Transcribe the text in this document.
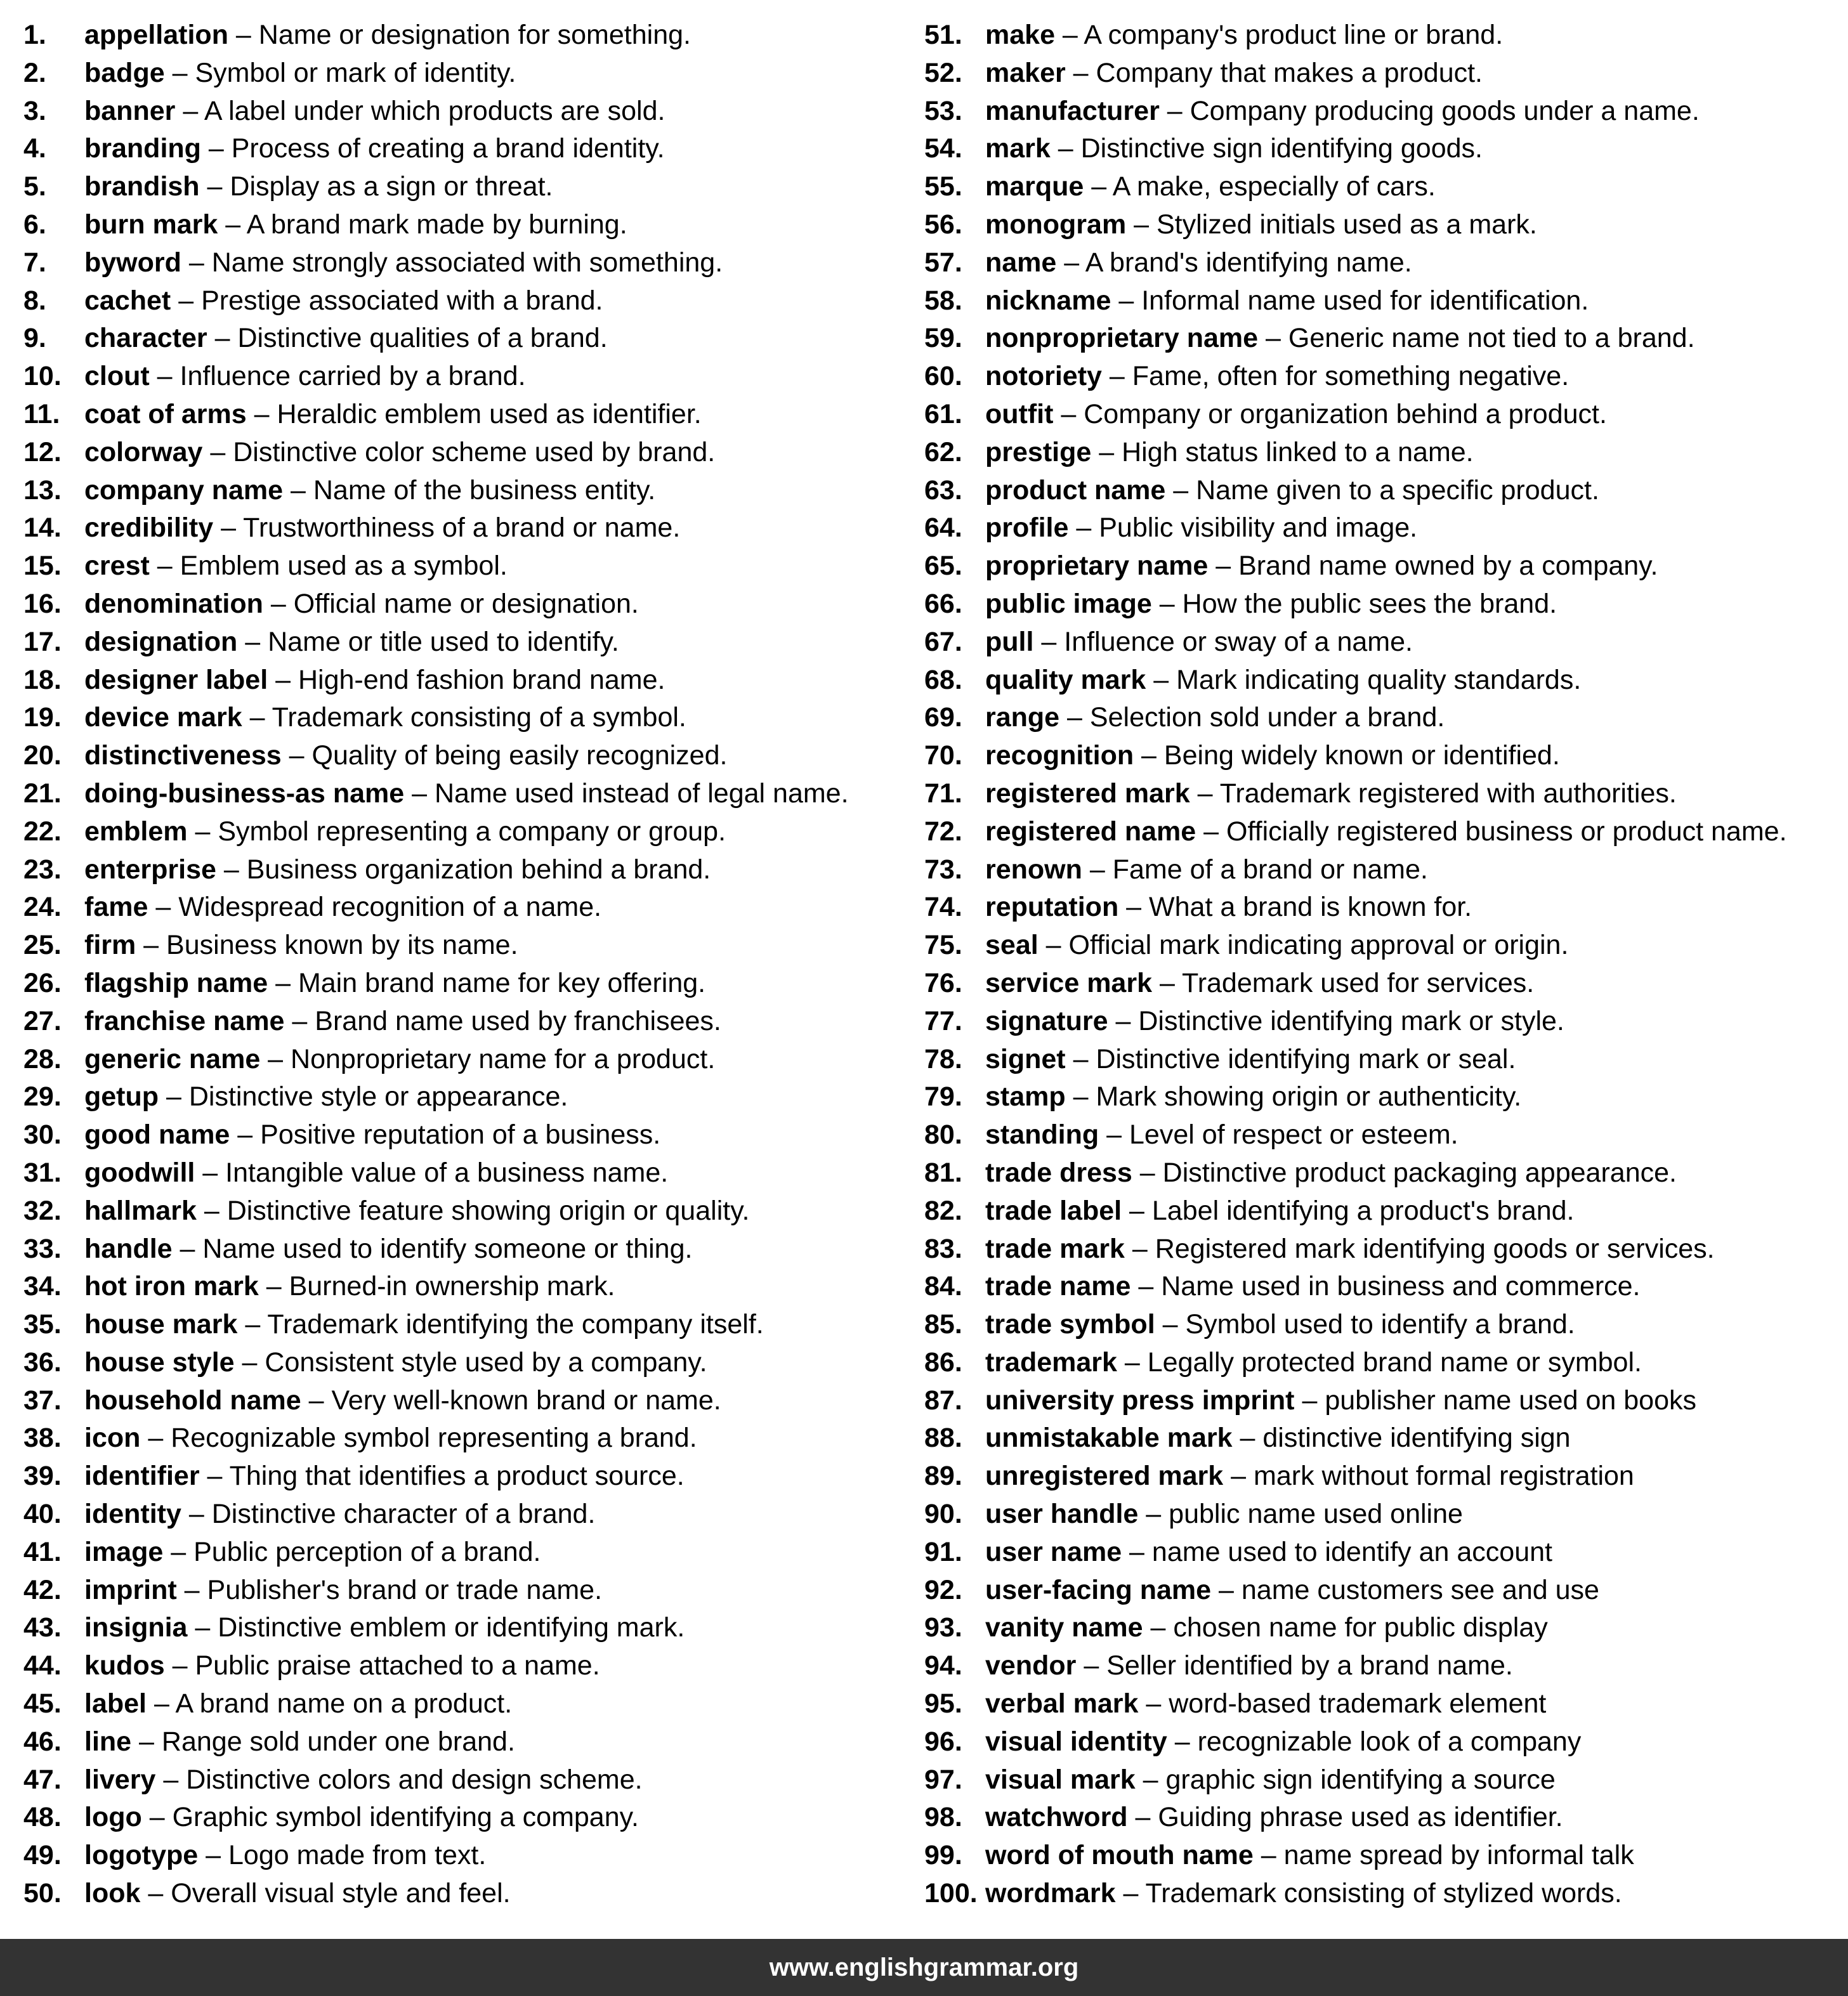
1. appellation – Name or designation for something.
2. badge – Symbol or mark of identity.
3. banner – A label under which products are sold.
4. branding – Process of creating a brand identity.
5. brandish – Display as a sign or threat.
6. burn mark – A brand mark made by burning.
7. byword – Name strongly associated with something.
8. cachet – Prestige associated with a brand.
9. character – Distinctive qualities of a brand.
10. clout – Influence carried by a brand.
11. coat of arms – Heraldic emblem used as identifier.
12. colorway – Distinctive color scheme used by brand.
13. company name – Name of the business entity.
14. credibility – Trustworthiness of a brand or name.
15. crest – Emblem used as a symbol.
16. denomination – Official name or designation.
17. designation – Name or title used to identify.
18. designer label – High-end fashion brand name.
19. device mark – Trademark consisting of a symbol.
20. distinctiveness – Quality of being easily recognized.
21. doing-business-as name – Name used instead of legal name.
22. emblem – Symbol representing a company or group.
23. enterprise – Business organization behind a brand.
24. fame – Widespread recognition of a name.
25. firm – Business known by its name.
26. flagship name – Main brand name for key offering.
27. franchise name – Brand name used by franchisees.
28. generic name – Nonproprietary name for a product.
29. getup – Distinctive style or appearance.
30. good name – Positive reputation of a business.
31. goodwill – Intangible value of a business name.
32. hallmark – Distinctive feature showing origin or quality.
33. handle – Name used to identify someone or thing.
34. hot iron mark – Burned-in ownership mark.
35. house mark – Trademark identifying the company itself.
36. house style – Consistent style used by a company.
37. household name – Very well-known brand or name.
38. icon – Recognizable symbol representing a brand.
39. identifier – Thing that identifies a product source.
40. identity – Distinctive character of a brand.
41. image – Public perception of a brand.
42. imprint – Publisher's brand or trade name.
43. insignia – Distinctive emblem or identifying mark.
44. kudos – Public praise attached to a name.
45. label – A brand name on a product.
46. line – Range sold under one brand.
47. livery – Distinctive colors and design scheme.
48. logo – Graphic symbol identifying a company.
49. logotype – Logo made from text.
50. look – Overall visual style and feel.
51. make – A company's product line or brand.
52. maker – Company that makes a product.
53. manufacturer – Company producing goods under a name.
54. mark – Distinctive sign identifying goods.
55. marque – A make, especially of cars.
56. monogram – Stylized initials used as a mark.
57. name – A brand's identifying name.
58. nickname – Informal name used for identification.
59. nonproprietary name – Generic name not tied to a brand.
60. notoriety – Fame, often for something negative.
61. outfit – Company or organization behind a product.
62. prestige – High status linked to a name.
63. product name – Name given to a specific product.
64. profile – Public visibility and image.
65. proprietary name – Brand name owned by a company.
66. public image – How the public sees the brand.
67. pull – Influence or sway of a name.
68. quality mark – Mark indicating quality standards.
69. range – Selection sold under a brand.
70. recognition – Being widely known or identified.
71. registered mark – Trademark registered with authorities.
72. registered name – Officially registered business or product name.
73. renown – Fame of a brand or name.
74. reputation – What a brand is known for.
75. seal – Official mark indicating approval or origin.
76. service mark – Trademark used for services.
77. signature – Distinctive identifying mark or style.
78. signet – Distinctive identifying mark or seal.
79. stamp – Mark showing origin or authenticity.
80. standing – Level of respect or esteem.
81. trade dress – Distinctive product packaging appearance.
82. trade label – Label identifying a product's brand.
83. trade mark – Registered mark identifying goods or services.
84. trade name – Name used in business and commerce.
85. trade symbol – Symbol used to identify a brand.
86. trademark – Legally protected brand name or symbol.
87. university press imprint – publisher name used on books
88. unmistakable mark – distinctive identifying sign
89. unregistered mark – mark without formal registration
90. user handle – public name used online
91. user name – name used to identify an account
92. user-facing name – name customers see and use
93. vanity name – chosen name for public display
94. vendor – Seller identified by a brand name.
95. verbal mark – word-based trademark element
96. visual identity – recognizable look of a company
97. visual mark – graphic sign identifying a source
98. watchword – Guiding phrase used as identifier.
99. word of mouth name – name spread by informal talk
100. wordmark – Trademark consisting of stylized words.
www.englishgrammar.org
